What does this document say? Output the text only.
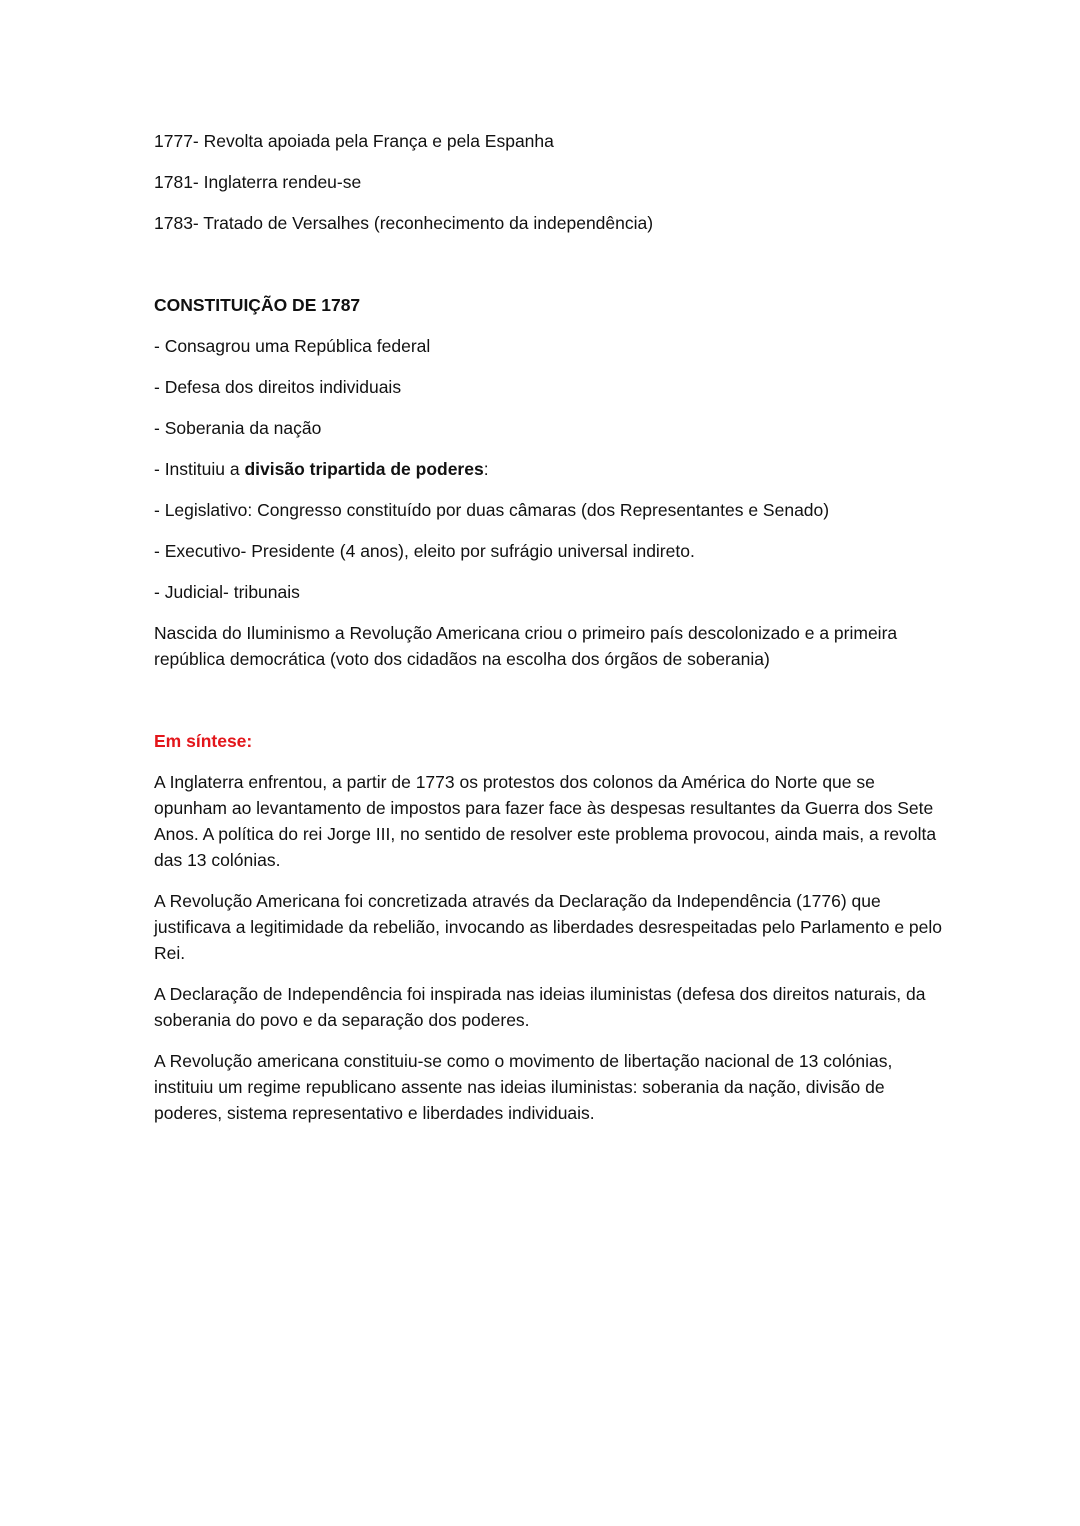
1777- Revolta apoiada pela França e pela Espanha
1781- Inglaterra rendeu-se
1783- Tratado de Versalhes (reconhecimento da independência)
CONSTITUIÇÃO DE 1787
- Consagrou uma República federal
- Defesa dos direitos individuais
- Soberania da nação
- Instituiu a divisão tripartida de poderes:
- Legislativo: Congresso constituído por duas câmaras (dos Representantes e Senado)
- Executivo- Presidente (4 anos), eleito por sufrágio universal indireto.
- Judicial- tribunais
Nascida do Iluminismo a Revolução Americana criou o primeiro país descolonizado e a primeira república democrática (voto dos cidadãos na escolha dos órgãos de soberania)
Em síntese:
A Inglaterra enfrentou, a partir de 1773 os protestos dos colonos da América do Norte que se opunham ao levantamento de impostos para fazer face às despesas resultantes da Guerra dos Sete Anos. A política do rei Jorge III, no sentido de resolver este problema provocou, ainda mais, a revolta das 13 colónias.
A Revolução Americana foi concretizada através da Declaração da Independência (1776) que justificava a legitimidade da rebelião, invocando as liberdades desrespeitadas pelo Parlamento e pelo Rei.
A Declaração de Independência foi inspirada nas ideias iluministas (defesa dos direitos naturais, da soberania do povo e da separação dos poderes.
A Revolução americana constituiu-se como o movimento de libertação nacional de 13 colónias, instituiu um regime republicano assente nas ideias iluministas: soberania da nação, divisão de poderes, sistema representativo e liberdades individuais.
